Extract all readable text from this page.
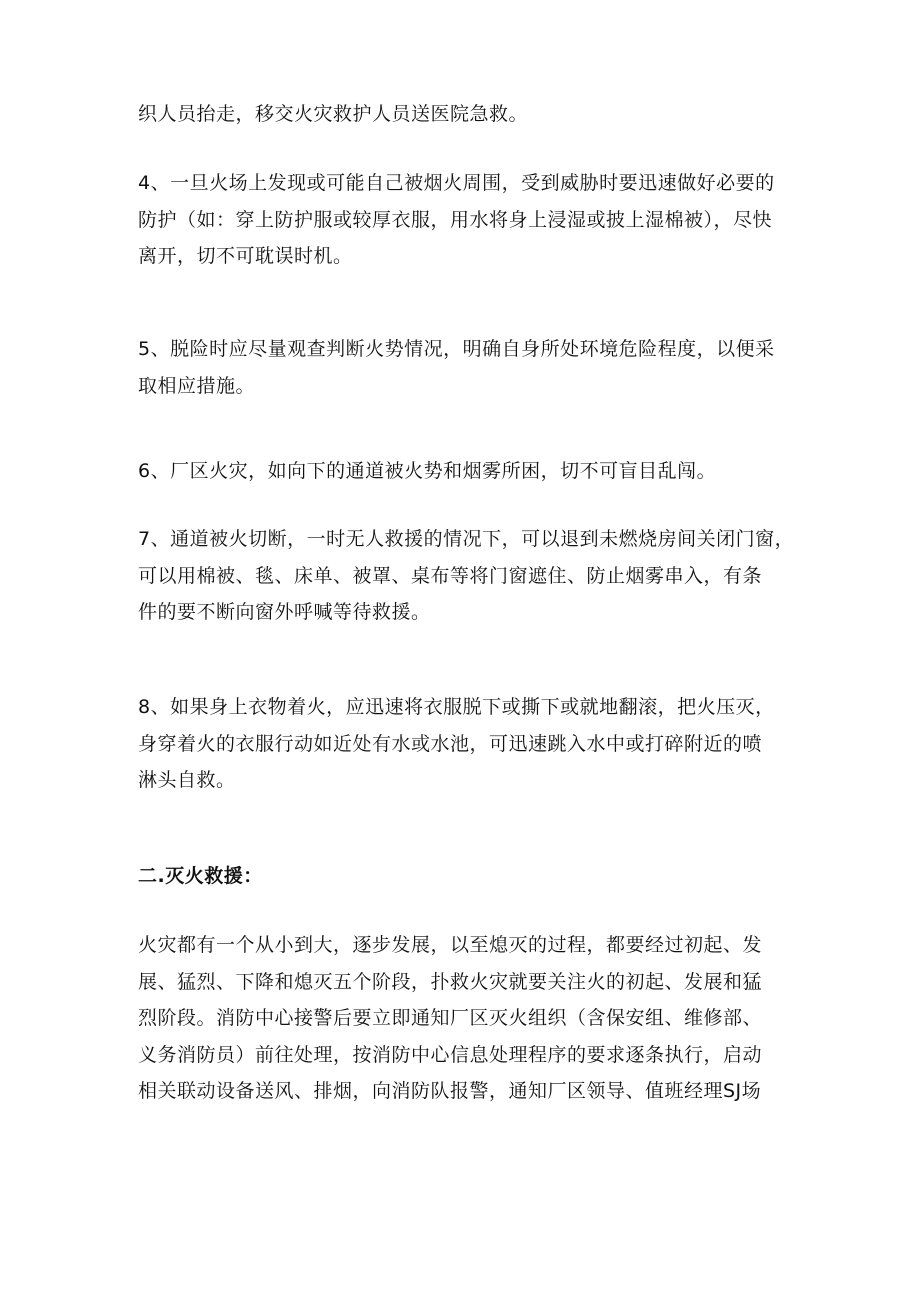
织人员抬走，移交火灾救护人员送医院急救。

4、一旦火场上发现或可能自己被烟火周围，受到威胁时要迅速做好必要的
防护（如：穿上防护服或较厚衣服，用水将身上浸湿或披上湿棉被），尽快
离开，切不可耽误时机。

5、脱险时应尽量观查判断火势情况，明确自身所处环境危险程度，以便采
取相应措施。

6、厂区火灾，如向下的通道被火势和烟雾所困，切不可盲目乱闯。

7、通道被火切断，一时无人救援的情况下，可以退到未燃烧房间关闭门窗，
可以用棉被、毯、床单、被罩、桌布等将门窗遮住、防止烟雾串入，有条
件的要不断向窗外呼喊等待救援。

8、如果身上衣物着火，应迅速将衣服脱下或撕下或就地翻滚，把火压灭，
身穿着火的衣服行动如近处有水或水池，可迅速跳入水中或打碎附近的喷
淋头自救。

二.灭火救援：

火灾都有一个从小到大，逐步发展，以至熄灭的过程，都要经过初起、发
展、猛烈、下降和熄灭五个阶段，扑救火灾就要关注火的初起、发展和猛
烈阶段。消防中心接警后要立即通知厂区灭火组织（含保安组、维修部、
义务消防员）前往处理，按消防中心信息处理程序的要求逐条执行，启动
相关联动设备送风、排烟，向消防队报警，通知厂区领导、值班经理SJ场
